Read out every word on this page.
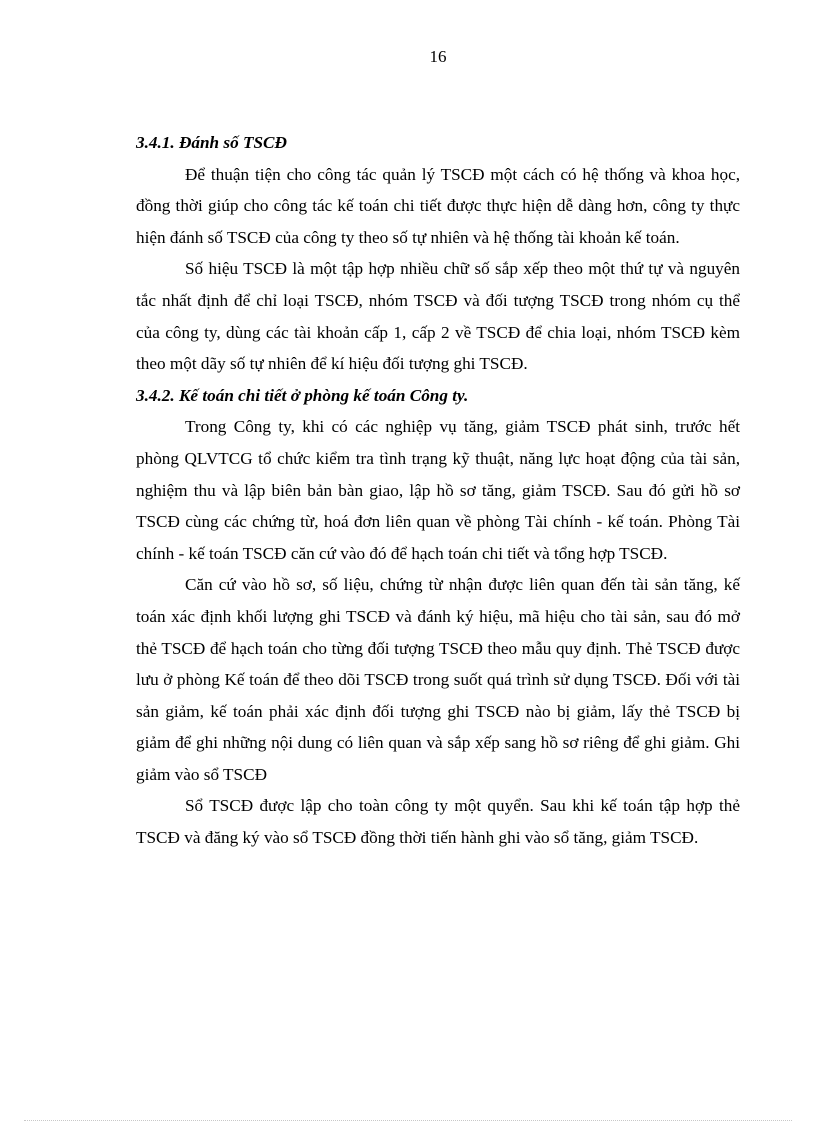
16

3.4.1. Đánh số TSCĐ

Để thuận tiện cho công tác quản lý TSCĐ một cách có hệ thống và khoa học, đồng thời giúp cho công tác kế toán chi tiết được thực hiện dễ dàng hơn, công ty thực hiện đánh số TSCĐ của công ty theo số tự nhiên và hệ thống tài khoản kế toán.

Số hiệu TSCĐ là một tập hợp nhiều chữ số sắp xếp theo một thứ tự và nguyên tắc nhất định để chỉ loại TSCĐ, nhóm TSCĐ và đối tượng TSCĐ trong nhóm cụ thể của công ty, dùng các tài khoản cấp 1, cấp 2 về TSCĐ để chia loại, nhóm TSCĐ kèm theo một dãy số tự nhiên để kí hiệu đối tượng ghi TSCĐ.

3.4.2. Kế toán chi tiết ở phòng kế toán Công ty.

Trong Công ty, khi có các nghiệp vụ tăng, giảm TSCĐ phát sinh, trước hết phòng QLVTCG tổ chức kiểm tra tình trạng kỹ thuật, năng lực hoạt động của tài sản, nghiệm thu và lập biên bản bàn giao, lập hồ sơ tăng, giảm TSCĐ. Sau đó gửi hồ sơ TSCĐ cùng các chứng từ, hoá đơn liên quan về phòng Tài chính - kế toán. Phòng Tài chính - kế toán TSCĐ căn cứ vào đó để hạch toán chi tiết và tổng hợp TSCĐ.

Căn cứ vào hồ sơ, số liệu, chứng từ nhận được liên quan đến tài sản tăng, kế toán xác định khối lượng ghi TSCĐ và đánh ký hiệu, mã hiệu cho tài sản, sau đó mở thẻ TSCĐ để hạch toán cho từng đối tượng TSCĐ theo mẫu quy định. Thẻ TSCĐ được lưu ở phòng Kế toán để theo dõi TSCĐ trong suốt quá trình sử dụng TSCĐ. Đối với tài sản giảm, kế toán phải xác định đối tượng ghi TSCĐ nào bị giảm, lấy thẻ TSCĐ bị giảm để ghi những nội dung có liên quan và sắp xếp sang hồ sơ riêng để ghi giảm. Ghi giảm vào sổ TSCĐ

Sổ TSCĐ được lập cho toàn công ty một quyển. Sau khi kế toán tập hợp thẻ TSCĐ và đăng ký vào sổ TSCĐ đồng thời tiến hành ghi vào sổ tăng, giảm TSCĐ.
